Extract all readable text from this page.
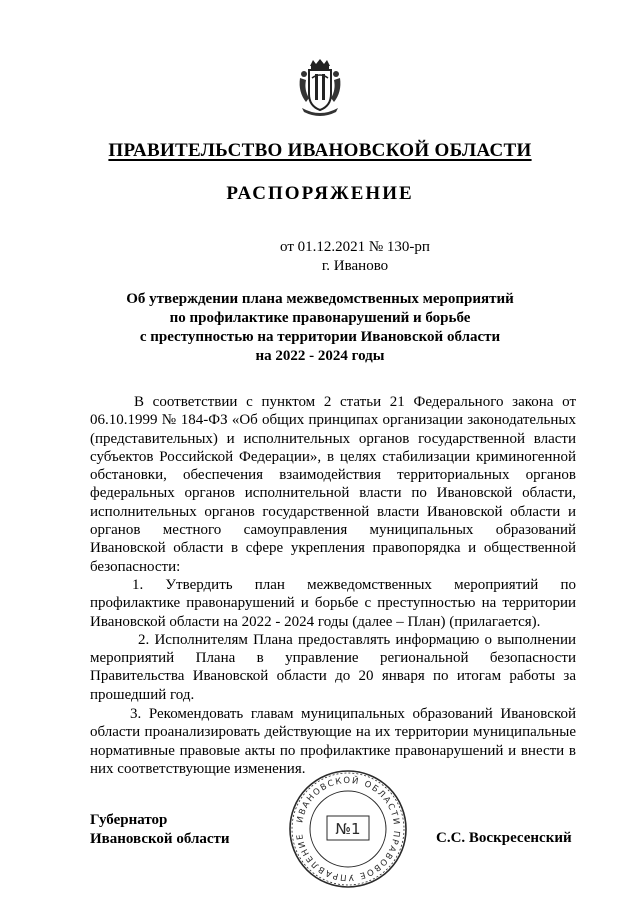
ПРАВИТЕЛЬСТВО ИВАНОВСКОЙ ОБЛАСТИ
РАСПОРЯЖЕНИЕ
от 01.12.2021 № 130-рп
г. Иваново
Об утверждении плана межведомственных мероприятий
по профилактике правонарушений и борьбе
с преступностью на территории Ивановской области
на 2022 - 2024 годы

В соответствии с пунктом 2 статьи 21 Федерального закона от 06.10.1999 № 184-ФЗ «Об общих принципах организации законодательных (представительных) и исполнительных органов государственной власти субъектов Российской Федерации», в целях стабилизации криминогенной обстановки, обеспечения взаимодействия территориальных органов федеральных органов исполнительной власти по Ивановской области, исполнительных органов государственной власти Ивановской области и органов местного самоуправления муниципальных образований Ивановской области в сфере укрепления правопорядка и общественной безопасности:

1. Утвердить план межведомственных мероприятий по профилактике правонарушений и борьбе с преступностью на территории Ивановской области на 2022 - 2024 годы (далее – План) (прилагается).

2. Исполнителям Плана предоставлять информацию о выполнении мероприятий Плана в управление региональной безопасности Правительства Ивановской области до 20 января по итогам работы за прошедший год.

3. Рекомендовать главам муниципальных образований Ивановской области проанализировать действующие на их территории муниципальные нормативные правовые акты по профилактике правонарушений и внести в них соответствующие изменения.

Губернатор
Ивановской области	С.С. Воскресенский
ИВАНОВСКОЙ ОБЛАСТИ ПРАВОВОЕ УПРАВЛЕНИЕ	№1
